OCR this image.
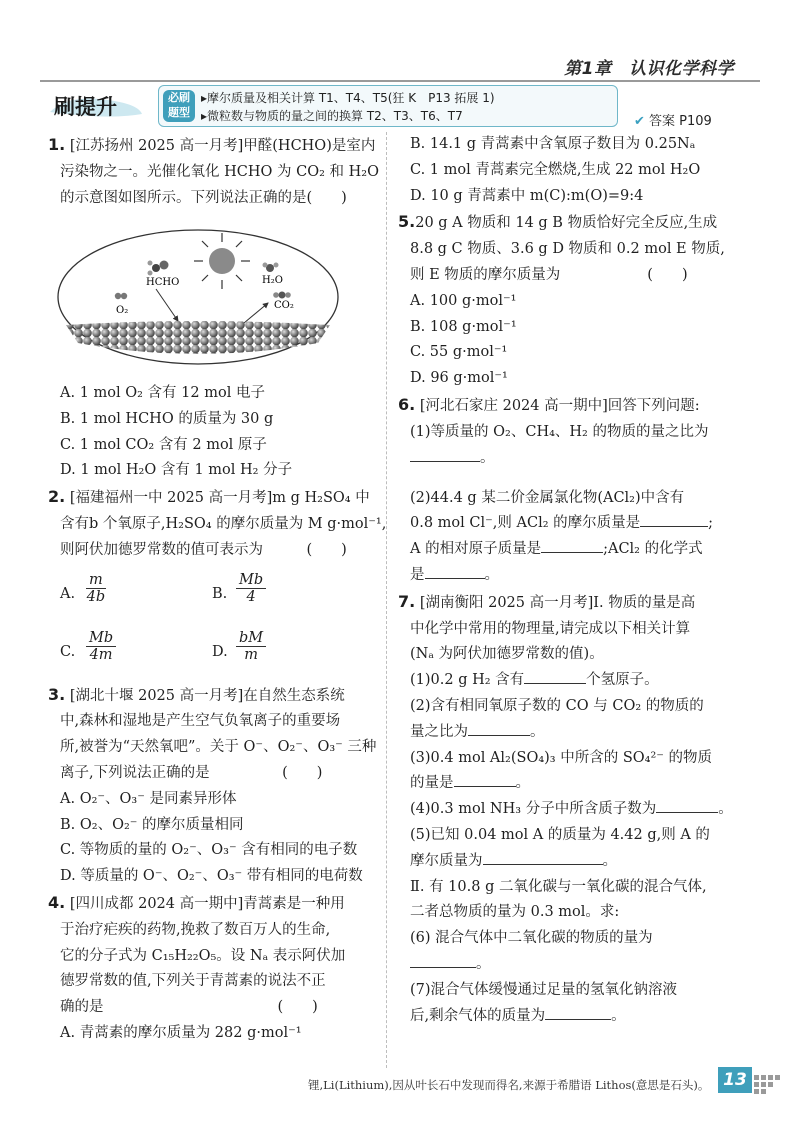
第1章　认识化学科学
刷提升	必刷题型
▸摩尔质量及相关计算 T1、T4、T5(狂 K　P13 拓展 1)
▸微粒数与物质的量之间的换算 T2、T3、T6、T7	✔ 答案 P109

1. [江苏扬州 2025 高一月考]甲醛(HCHO)是室内

污染物之一。光催化氧化 HCHO 为 CO₂ 和 H₂O

的示意图如图所示。下列说法正确的是(　　)

HCHO	H₂O
O₂	CO₂

A. 1 mol O₂ 含有 12 mol 电子

B. 1 mol HCHO 的质量为 30 g

C. 1 mol CO₂ 含有 2 mol 原子

D. 1 mol H₂O 含有 1 mol H₂ 分子

2. [福建福州一中 2025 高一月考]m g H₂SO₄ 中

含有b 个氧原子,H₂SO₄ 的摩尔质量为 M g·mol⁻¹,

则阿伏加德罗常数的值可表示为　　　(　　)

A. $\frac{m}{4b}$	B. $\frac{Mb}{4}$
C. $\frac{Mb}{4m}$	D. $\frac{bM}{m}$

3. [湖北十堰 2025 高一月考]在自然生态系统

中,森林和湿地是产生空气负氧离子的重要场

所,被誉为“天然氧吧”。关于 O⁻、O₂⁻、O₃⁻ 三种

离子,下列说法正确的是　　　　　(　　)

A. O₂⁻、O₃⁻ 是同素异形体

B. O₂、O₂⁻ 的摩尔质量相同

C. 等物质的量的 O₂⁻、O₃⁻ 含有相同的电子数

D. 等质量的 O⁻、O₂⁻、O₃⁻ 带有相同的电荷数

4. [四川成都 2024 高一期中]青蒿素是一种用

于治疗疟疾的药物,挽救了数百万人的生命,

它的分子式为 C₁₅H₂₂O₅。设 Nₐ 表示阿伏加

德罗常数的值,下列关于青蒿素的说法不正

确的是　　　　　　　　　　　　(　　)

A. 青蒿素的摩尔质量为 282 g·mol⁻¹

B. 14.1 g 青蒿素中含氧原子数目为 0.25Nₐ

C. 1 mol 青蒿素完全燃烧,生成 22 mol H₂O

D. 10 g 青蒿素中 m(C):m(O)=9:4

5.20 g A 物质和 14 g B 物质恰好完全反应,生成

8.8 g C 物质、3.6 g D 物质和 0.2 mol E 物质,

则 E 物质的摩尔质量为　　　　　　(　　)

A. 100 g·mol⁻¹

B. 108 g·mol⁻¹

C. 55 g·mol⁻¹

D. 96 g·mol⁻¹

6. [河北石家庄 2024 高一期中]回答下列问题:

(1)等质量的 O₂、CH₄、H₂ 的物质的量之比为

。

(2)44.4 g 某二价金属氯化物(ACl₂)中含有

0.8 mol Cl⁻,则 ACl₂ 的摩尔质量是	;

A 的相对原子质量是	;ACl₂ 的化学式

是	。

7. [湖南衡阳 2025 高一月考]Ⅰ. 物质的量是高

中化学中常用的物理量,请完成以下相关计算

(Nₐ 为阿伏加德罗常数的值)。

(1)0.2 g H₂ 含有	个氢原子。

(2)含有相同氧原子数的 CO 与 CO₂ 的物质的

量之比为	。

(3)0.4 mol Al₂(SO₄)₃ 中所含的 SO₄²⁻ 的物质

的量是	。

(4)0.3 mol NH₃ 分子中所含质子数为	。

(5)已知 0.04 mol A 的质量为 4.42 g,则 A 的

摩尔质量为	。

Ⅱ. 有 10.8 g 二氧化碳与一氧化碳的混合气体,

二者总物质的量为 0.3 mol。求:

(6) 混合气体中二氧化碳的物质的量为

。

(7)混合气体缓慢通过足量的氢氧化钠溶液

后,剩余气体的质量为	。

锂,Li(Lithium),因从叶长石中发现而得名,来源于希腊语 Lithos(意思是石头)。 13
